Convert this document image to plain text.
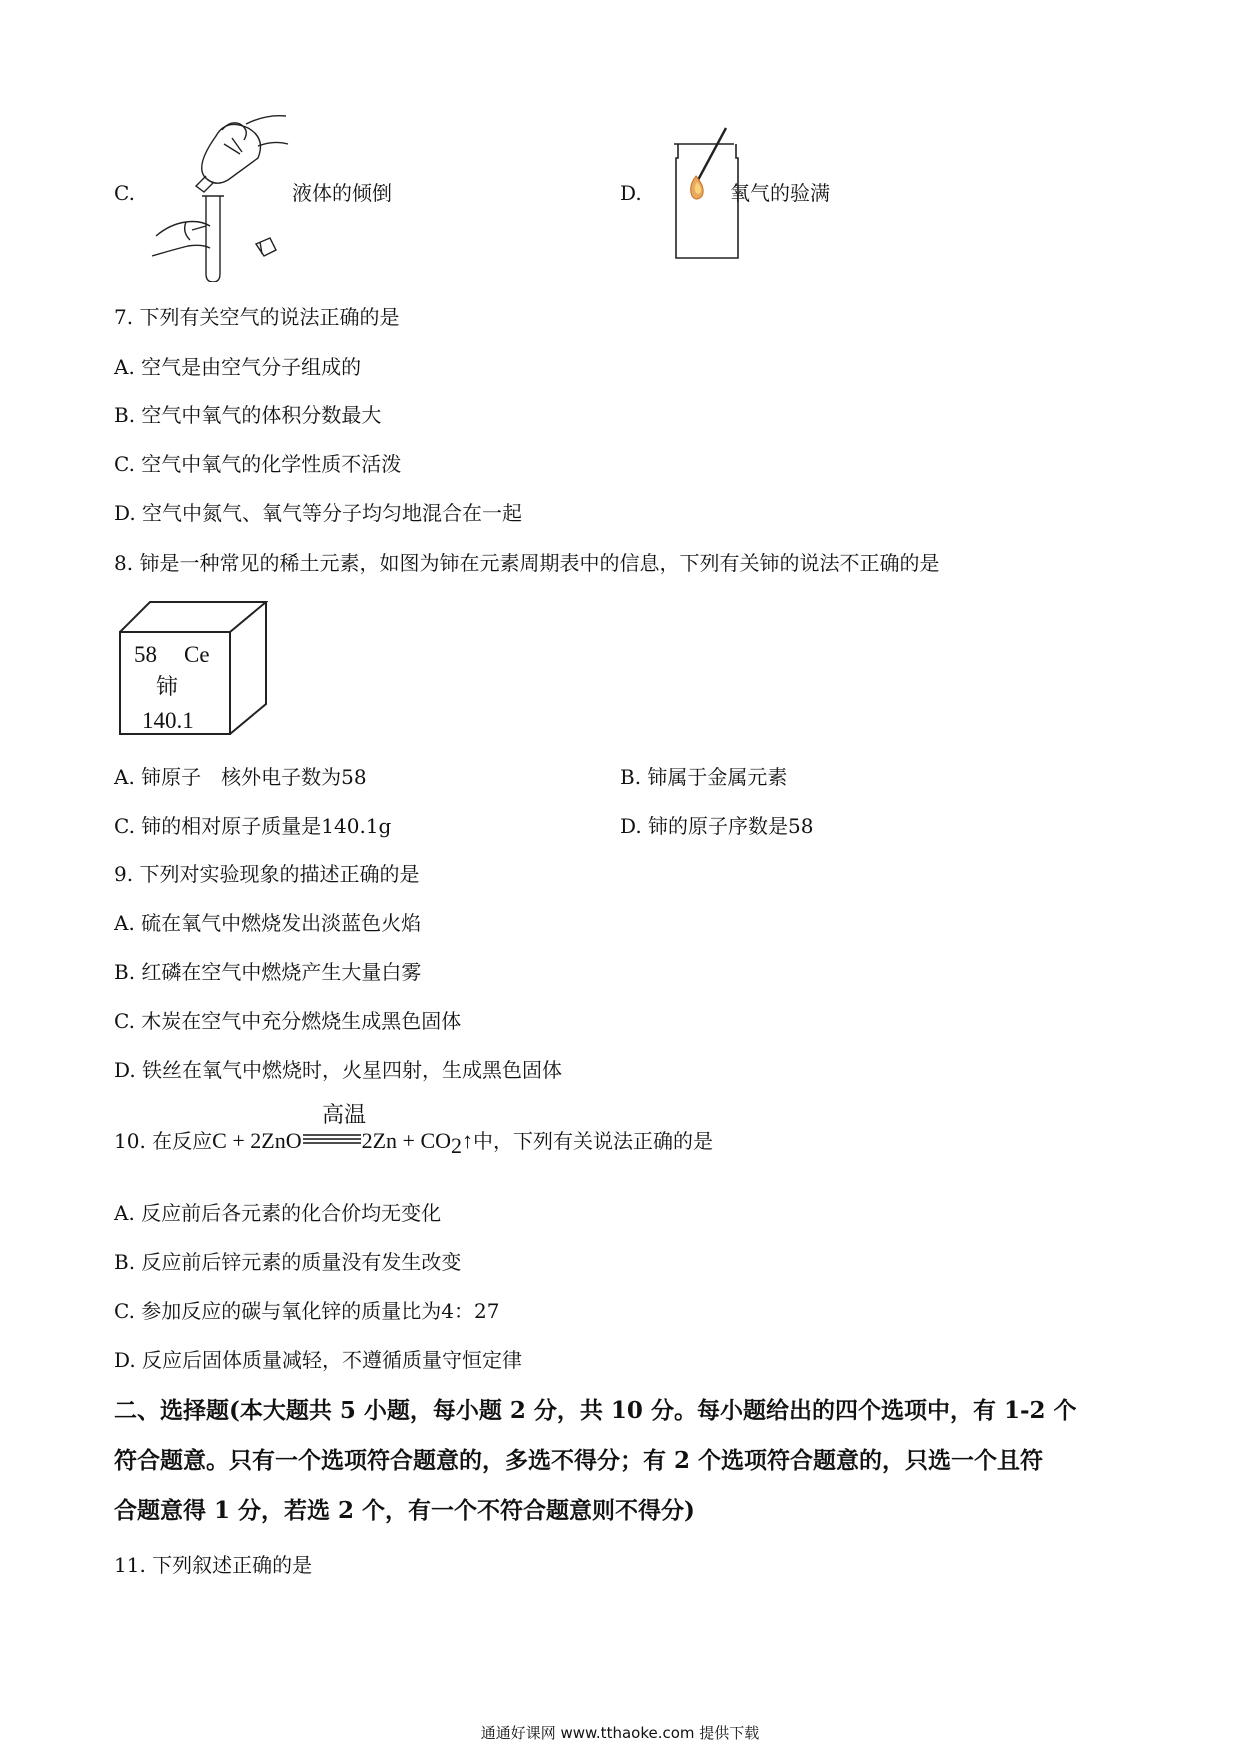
C.	液体的倾倒	D.	氧气的验满
7. 下列有关空气的说法正确的是
A. 空气是由空气分子组成的
B. 空气中氧气的体积分数最大
C. 空气中氧气的化学性质不活泼
D. 空气中氮气、氧气等分子均匀地混合在一起
8. 铈是一种常见的稀土元素，如图为铈在元素周期表中的信息，下列有关铈的说法不正确的是
58 Ce
铈
140.1
A. 铈原子　核外电子数为58	B. 铈属于金属元素
C. 铈的相对原子质量是140.1g	D. 铈的原子序数是58
9. 下列对实验现象的描述正确的是
A. 硫在氧气中燃烧发出淡蓝色火焰
B. 红磷在空气中燃烧产生大量白雾
C. 木炭在空气中充分燃烧生成黑色固体
D. 铁丝在氧气中燃烧时，火星四射，生成黑色固体
高温
10. 在反应C + 2ZnO	$2Zn + CO_2↑$中，下列有关说法正确的是
A. 反应前后各元素的化合价均无变化
B. 反应前后锌元素的质量没有发生改变
C. 参加反应的碳与氧化锌的质量比为4：27
D. 反应后固体质量减轻，不遵循质量守恒定律
二、选择题(本大题共 5 小题，每小题 2 分，共 10 分。每小题给出的四个选项中，有 1-2 个
符合题意。只有一个选项符合题意的，多选不得分；有 2 个选项符合题意的，只选一个且符
合题意得 1 分，若选 2 个，有一个不符合题意则不得分)
11. 下列叙述正确的是
通通好课网 www.tthaoke.com 提供下载
